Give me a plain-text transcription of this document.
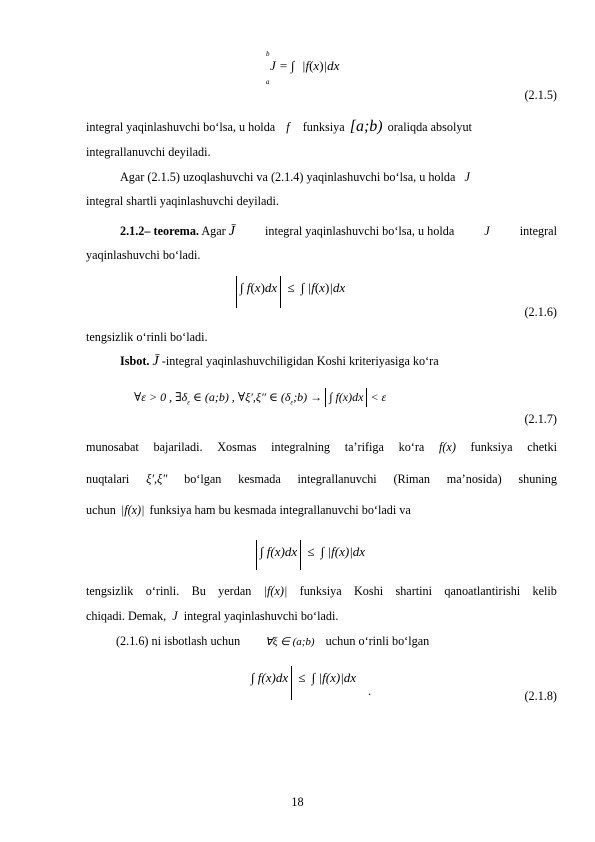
J = ∫
b
a
|f(x)|dx
(2.1.5)
integral yaqinlashuvchi bo‘lsa, u holda f funksiya [a;b) oraliqda absolyut
integrallanuvchi deyiladi.
Agar (2.1.5) uzoqlashuvchi va (2.1.4) yaqinlashuvchi bo‘lsa, u holda J
integral shartli yaqinlashuvchi deyiladi.
2.1.2– teorema. Agar J̄ integral yaqinlashuvchi bo‘lsa, u holda J integral
yaqinlashuvchi bo‘ladi.
∫ f(x)dx ≤ ∫ |f(x)|dx
(2.1.6)
tengsizlik o‘rinli bo‘ladi.
Isbot. J̄ -integral yaqinlashuvchiligidan Koshi kriteriyasiga ko‘ra
∀ε > 0 , $\exists\delta_\varepsilon$ ∈ (a;b) , ∀ξ′,ξ″ ∈ $(\delta_\varepsilon;b)$ → ∫ f(x)dx < ε
(2.1.7)
munosabat bajariladi. Xosmas integralning ta’rifiga ko‘ra f(x) funksiya chetki
nuqtalari ξ′,ξ″ bo‘lgan kesmada integrallanuvchi (Riman ma’nosida) shuning
uchun |f(x)| funksiya ham bu kesmada integrallanuvchi bo‘ladi va
∫ f(x)dx ≤ ∫ |f(x)|dx
tengsizlik o‘rinli. Bu yerdan |f(x)| funksiya Koshi shartini qanoatlantirishi kelib
chiqadi. Demak, J integral yaqinlashuvchi bo‘ladi.
(2.1.6) ni isbotlash uchun ∀ξ ∈ (a;b) uchun o‘rinli bo‘lgan
∫ f(x)dx ≤ ∫ |f(x)|dx
.	(2.1.8)
18
